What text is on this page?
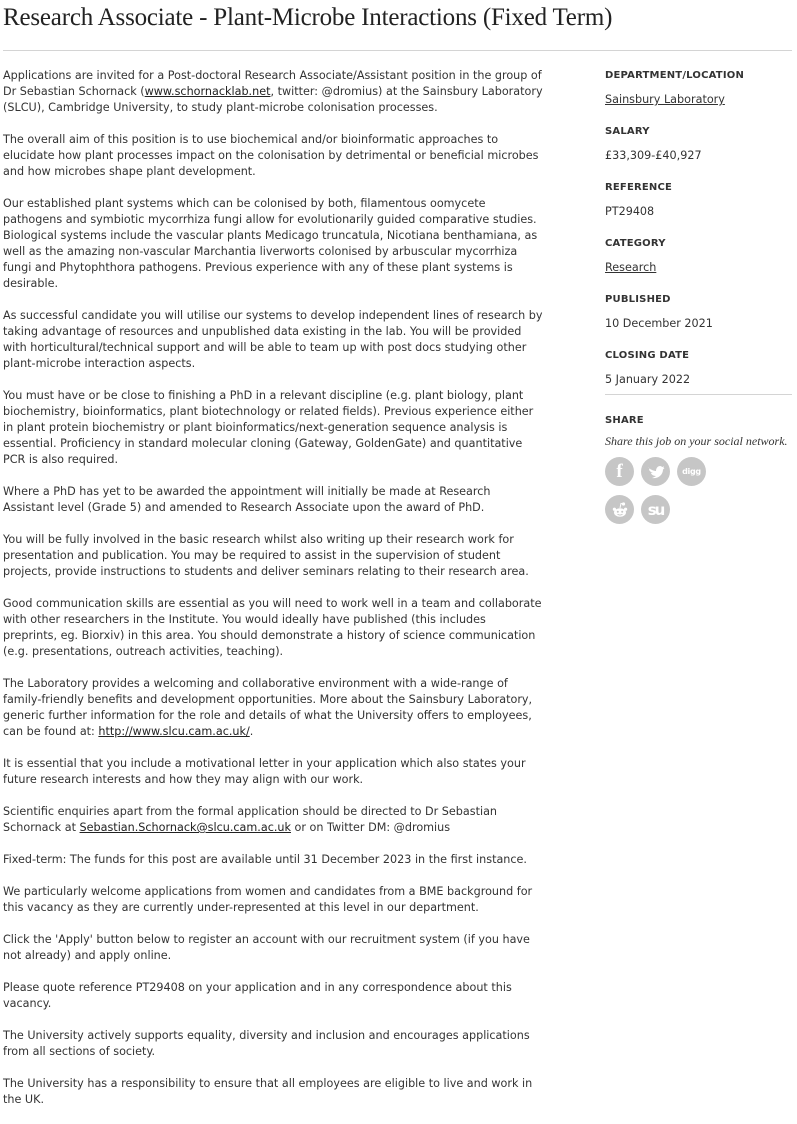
Research Associate - Plant-Microbe Interactions (Fixed Term)

Applications are invited for a Post-doctoral Research Associate/Assistant position in the group of Dr Sebastian Schornack (www.schornacklab.net, twitter: @dromius) at the Sainsbury Laboratory (SLCU), Cambridge University, to study plant-microbe colonisation processes.

The overall aim of this position is to use biochemical and/or bioinformatic approaches to elucidate how plant processes impact on the colonisation by detrimental or beneficial microbes and how microbes shape plant development.

Our established plant systems which can be colonised by both, filamentous oomycete pathogens and symbiotic mycorrhiza fungi allow for evolutionarily guided comparative studies. Biological systems include the vascular plants Medicago truncatula, Nicotiana benthamiana, as well as the amazing non-vascular Marchantia liverworts colonised by arbuscular mycorrhiza fungi and Phytophthora pathogens. Previous experience with any of these plant systems is desirable.

As successful candidate you will utilise our systems to develop independent lines of research by taking advantage of resources and unpublished data existing in the lab. You will be provided with horticultural/technical support and will be able to team up with post docs studying other plant-microbe interaction aspects.

You must have or be close to finishing a PhD in a relevant discipline (e.g. plant biology, plant biochemistry, bioinformatics, plant biotechnology or related fields). Previous experience either in plant protein biochemistry or plant bioinformatics/next-generation sequence analysis is essential. Proficiency in standard molecular cloning (Gateway, GoldenGate) and quantitative PCR is also required.

Where a PhD has yet to be awarded the appointment will initially be made at Research Assistant level (Grade 5) and amended to Research Associate upon the award of PhD.

You will be fully involved in the basic research whilst also writing up their research work for presentation and publication. You may be required to assist in the supervision of student projects, provide instructions to students and deliver seminars relating to their research area.

Good communication skills are essential as you will need to work well in a team and collaborate with other researchers in the Institute. You would ideally have published (this includes preprints, eg. Biorxiv) in this area. You should demonstrate a history of science communication (e.g. presentations, outreach activities, teaching).

The Laboratory provides a welcoming and collaborative environment with a wide-range of family-friendly benefits and development opportunities. More about the Sainsbury Laboratory, generic further information for the role and details of what the University offers to employees, can be found at: http://www.slcu.cam.ac.uk/.

It is essential that you include a motivational letter in your application which also states your future research interests and how they may align with our work.

Scientific enquiries apart from the formal application should be directed to Dr Sebastian Schornack at Sebastian.Schornack@slcu.cam.ac.uk or on Twitter DM: @dromius

Fixed-term: The funds for this post are available until 31 December 2023 in the first instance.

We particularly welcome applications from women and candidates from a BME background for this vacancy as they are currently under-represented at this level in our department.

Click the 'Apply' button below to register an account with our recruitment system (if you have not already) and apply online.

Please quote reference PT29408 on your application and in any correspondence about this vacancy.

The University actively supports equality, diversity and inclusion and encourages applications from all sections of society.

The University has a responsibility to ensure that all employees are eligible to live and work in the UK.

DEPARTMENT/LOCATION
Sainsbury Laboratory
SALARY
£33,309-£40,927
REFERENCE
PT29408
CATEGORY
Research
PUBLISHED
10 December 2021
CLOSING DATE
5 January 2022
SHARE
Share this job on your social network.
f	digg
su
